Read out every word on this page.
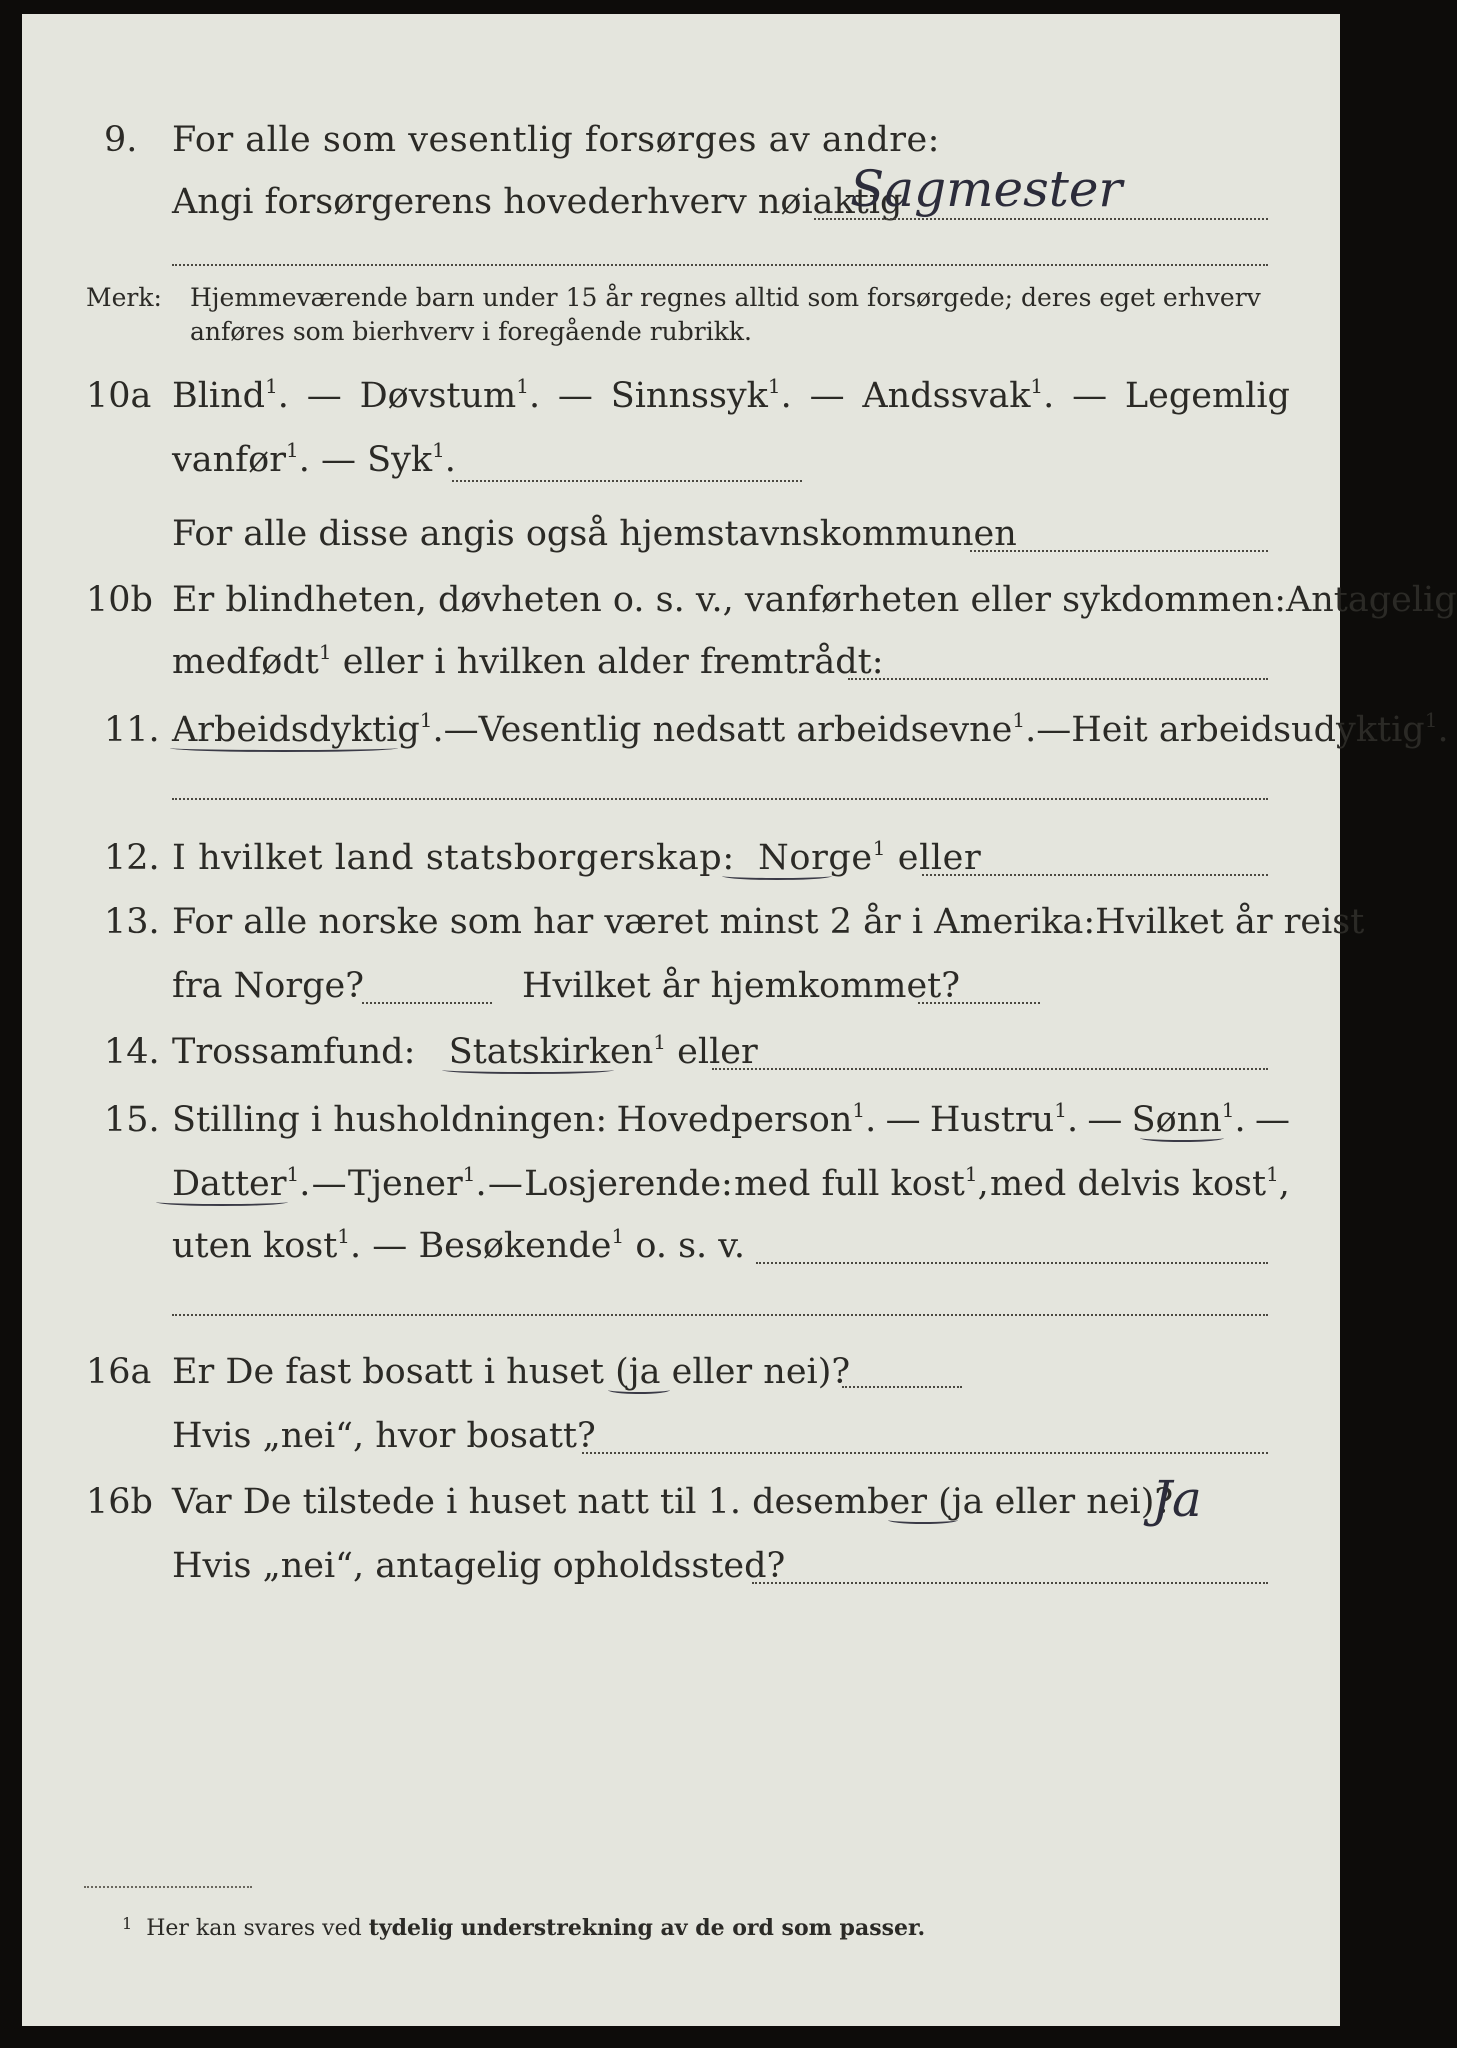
9. For alle som vesentlig forsørges av andre:
Angi forsørgerens hovederhverv nøiaktig
Sagmester
Merk: Hjemmeværende barn under 15 år regnes alltid som forsørgede; deres eget erhverv
anføres som bierhverv i foregående rubrikk.
10a Blind$^1$. — Døvstum$^1$. — Sinnssyk$^1$. — Andssvak$^1$. — Legemlig
vanfør$^1$. — Syk$^1$.
For alle disse angis også hjemstavnskommunen
10b Er blindheten, døvheten o. s. v., vanførheten eller sykdommen: Antagelig
medfødt$^1$ eller i hvilken alder fremtrådt:
11. Arbeidsdyktig$^1$. — Vesentlig nedsatt arbeidsevne$^1$. — Heit arbeidsudyktig$^1$.
12. I hvilket land statsborgerskap: Norge$^1$ eller
13. For alle norske som har været minst 2 år i Amerika: Hvilket år reist
fra Norge?	Hvilket år hjemkommet?
14. Trossamfund: Statskirken$^1$ eller
15. Stilling i husholdningen: Hovedperson$^1$. — Hustru$^1$. — Sønn$^1$. —
Datter$^1$. — Tjener$^1$. — Losjerende: med full kost$^1$, med delvis kost$^1$,
uten kost$^1$. — Besøkende$^1$ o. s. v.
16a Er De fast bosatt i huset (ja eller nei)?
Hvis „nei“, hvor bosatt?
16b Var De tilstede i huset natt til 1. desember (ja eller nei)?
Ja
Hvis „nei“, antagelig opholdssted?
$^1$ Her kan svares ved tydelig understrekning av de ord som passer.
